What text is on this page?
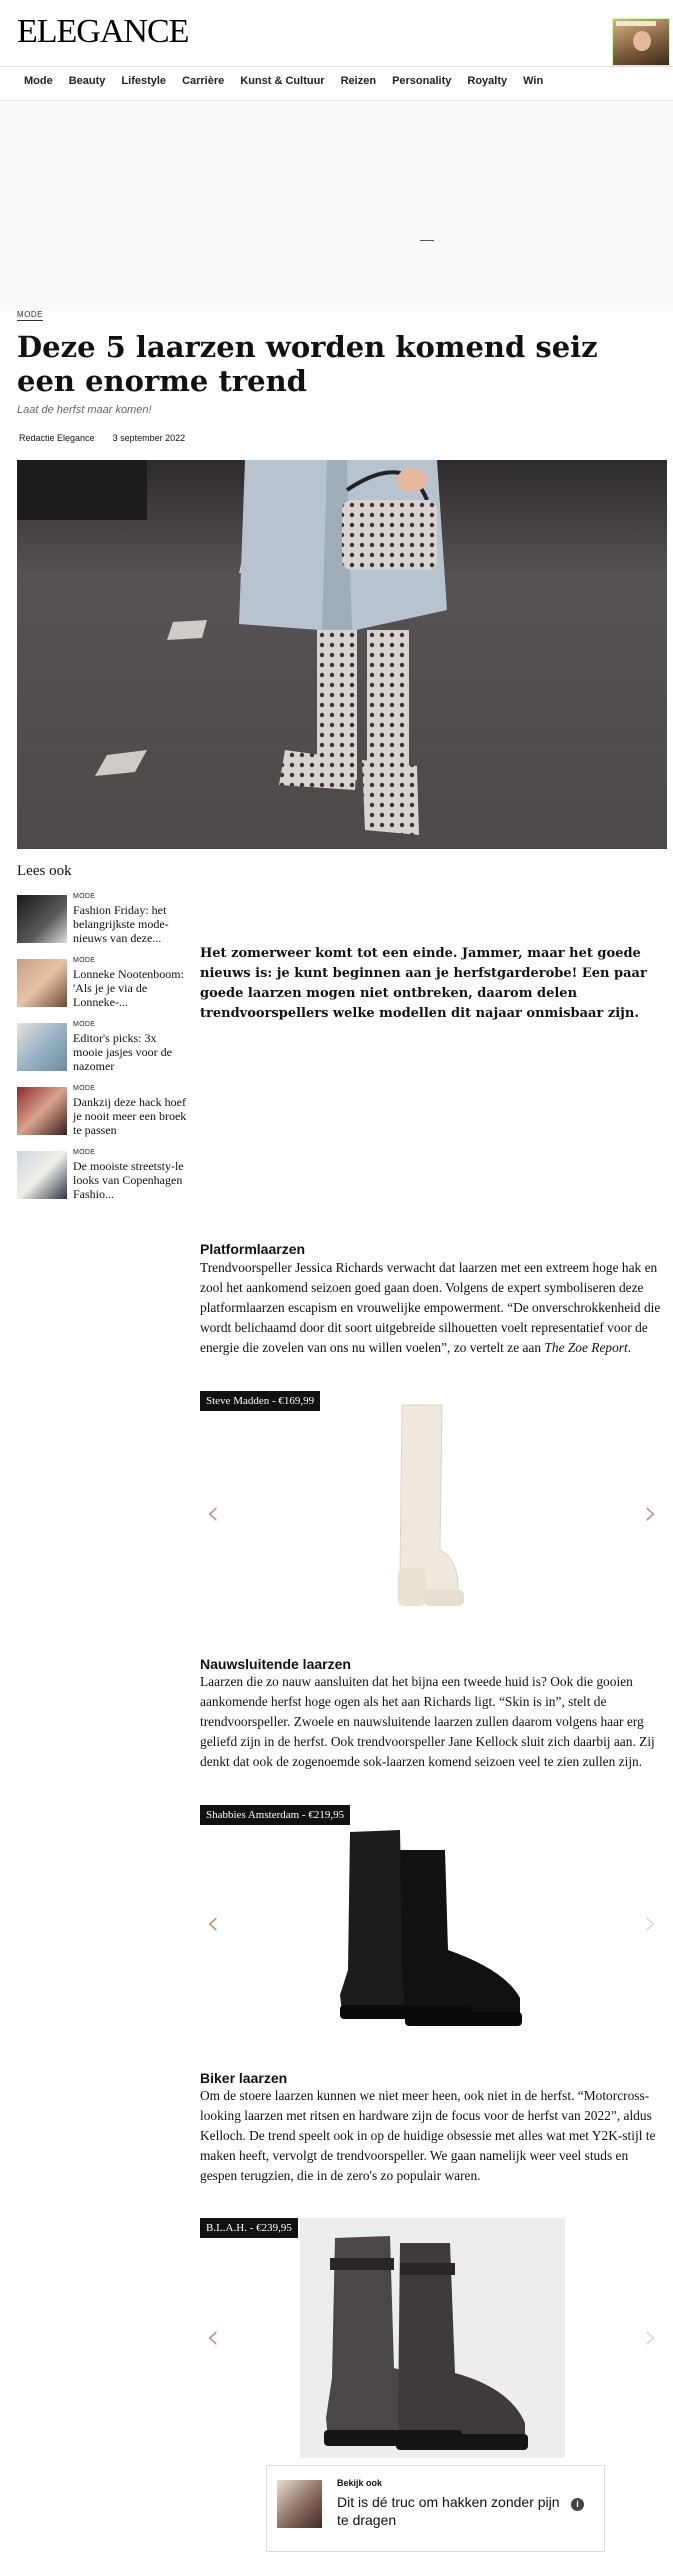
ELEGANCE
Mode Beauty Lifestyle Carrière Kunst & Cultuur Reizen Personality Royalty Win
MODE
Deze 5 laarzen worden komend seiz
een enorme trend
Laat de herfst maar komen!
Redactie Elegance 3 september 2022
Lees ook
MODE
Fashion Friday: het belangrijkste mode-nieuws van deze...
MODE
Lonneke Nootenboom: 'Als je je via de Lonneke-...
MODE
Editor's picks: 3x mooie jasjes voor de nazomer
MODE
Dankzij deze hack hoef je nooit meer een broek te passen
MODE
De mooiste streetsty-le looks van Copenhagen Fashio...

Het zomerweer komt tot een einde. Jammer, maar het goede nieuws is: je kunt beginnen aan je herfstgarderobe! Een paar goede laarzen mogen niet ontbreken, daarom delen trendvoorspellers welke modellen dit najaar onmisbaar zijn.

Platformlaarzen

Trendvoorspeller Jessica Richards verwacht dat laarzen met een extreem hoge hak en zool het aankomend seizoen goed gaan doen. Volgens de expert symboliseren deze platformlaarzen escapism en vrouwelijke empowerment. “De onverschrokkenheid die wordt belichaamd door dit soort uitgebreide silhouetten voelt representatief voor de energie die zovelen van ons nu willen voelen”, zo vertelt ze aan The Zoe Report.

Steve Madden - €169,99
‹	›
Nauwsluitende laarzen

Laarzen die zo nauw aansluiten dat het bijna een tweede huid is? Ook die gooien aankomende herfst hoge ogen als het aan Richards ligt. “Skin is in”, stelt de trendvoorspeller. Zwoele en nauwsluitende laarzen zullen daarom volgens haar erg geliefd zijn in de herfst. Ook trendvoorspeller Jane Kellock sluit zich daarbij aan. Zij denkt dat ook de zogenoemde sok-laarzen komend seizoen veel te zien zullen zijn.

Shabbies Amsterdam - €219,95
‹	›
Biker laarzen

Om de stoere laarzen kunnen we niet meer heen, ook niet in de herfst. “Motorcross-looking laarzen met ritsen en hardware zijn de focus voor de herfst van 2022”, aldus Kelloch. De trend speelt ook in op de huidige obsessie met alles wat met Y2K-stijl te maken heeft, vervolgt de trendvoorspeller. We gaan namelijk weer veel studs en gespen terugzien, die in de zero's zo populair waren.

B.L.A.H. - €239,95
‹	›
Bekijk ook
Dit is dé truc om hakken zonder pijn te dragen
i
